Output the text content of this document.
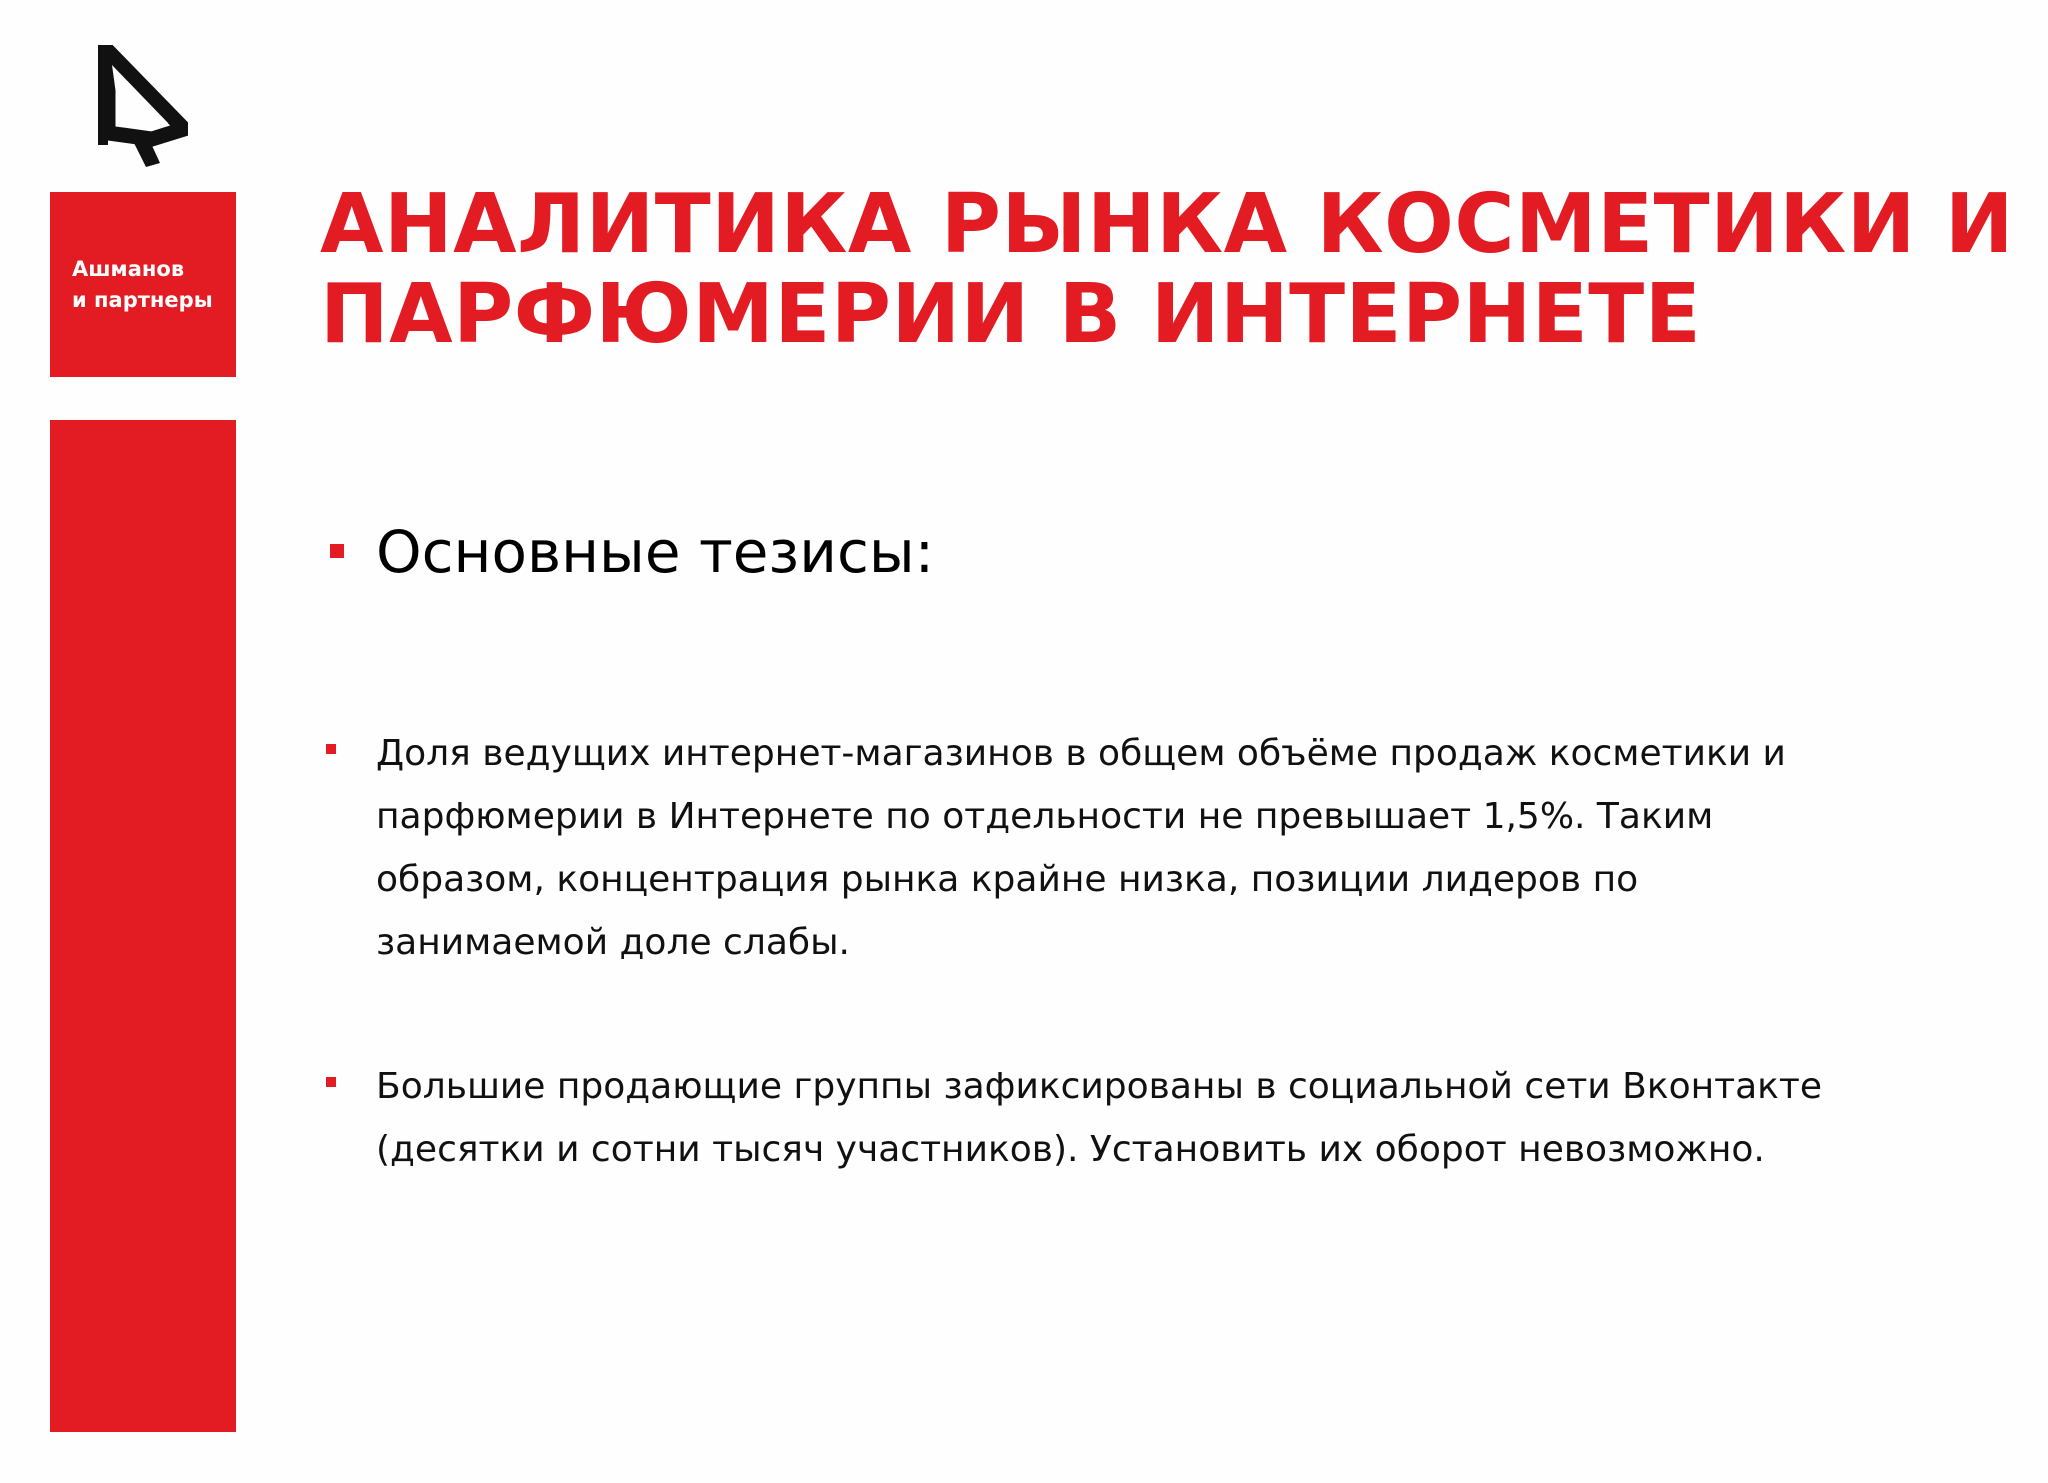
Ашманов
и партнеры
АНАЛИТИКА РЫНКА КОСМЕТИКИ И
ПАРФЮМЕРИИ В ИНТЕРНЕТЕ
Основные тезисы:
Доля ведущих интернет-магазинов в общем объёме продаж косметики и
парфюмерии в Интернете по отдельности не превышает 1,5%. Таким
образом, концентрация рынка крайне низка, позиции лидеров по
занимаемой доле слабы.
Большие продающие группы зафиксированы в социальной сети Вконтакте
(десятки и сотни тысяч участников). Установить их оборот невозможно.
